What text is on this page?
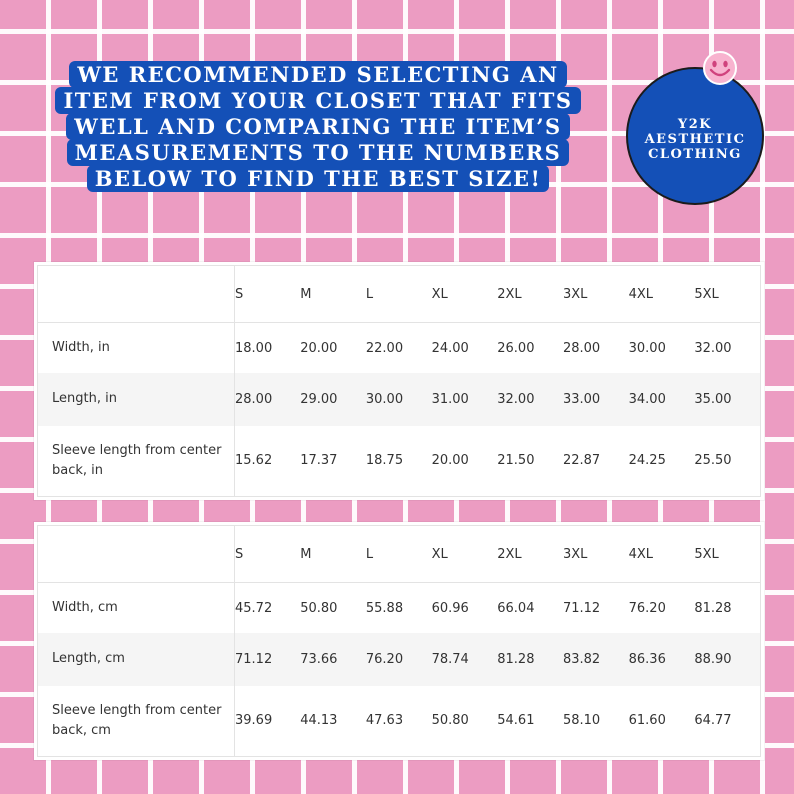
WE RECOMMENDED SELECTING AN ITEM FROM YOUR CLOSET THAT FITS WELL AND COMPARING THE ITEM’S MEASUREMENTS TO THE NUMBERS BELOW TO FIND THE BEST SIZE!
Y2K
AESTHETIC
CLOTHING
	S	M	L	XL	2XL	3XL	4XL	5XL
Width, in	18.00	20.00	22.00	24.00	26.00	28.00	30.00	32.00
Length, in	28.00	29.00	30.00	31.00	32.00	33.00	34.00	35.00
Sleeve length from center back, in	15.62	17.37	18.75	20.00	21.50	22.87	24.25	25.50
	S	M	L	XL	2XL	3XL	4XL	5XL
Width, cm	45.72	50.80	55.88	60.96	66.04	71.12	76.20	81.28
Length, cm	71.12	73.66	76.20	78.74	81.28	83.82	86.36	88.90
Sleeve length from center back, cm	39.69	44.13	47.63	50.80	54.61	58.10	61.60	64.77
